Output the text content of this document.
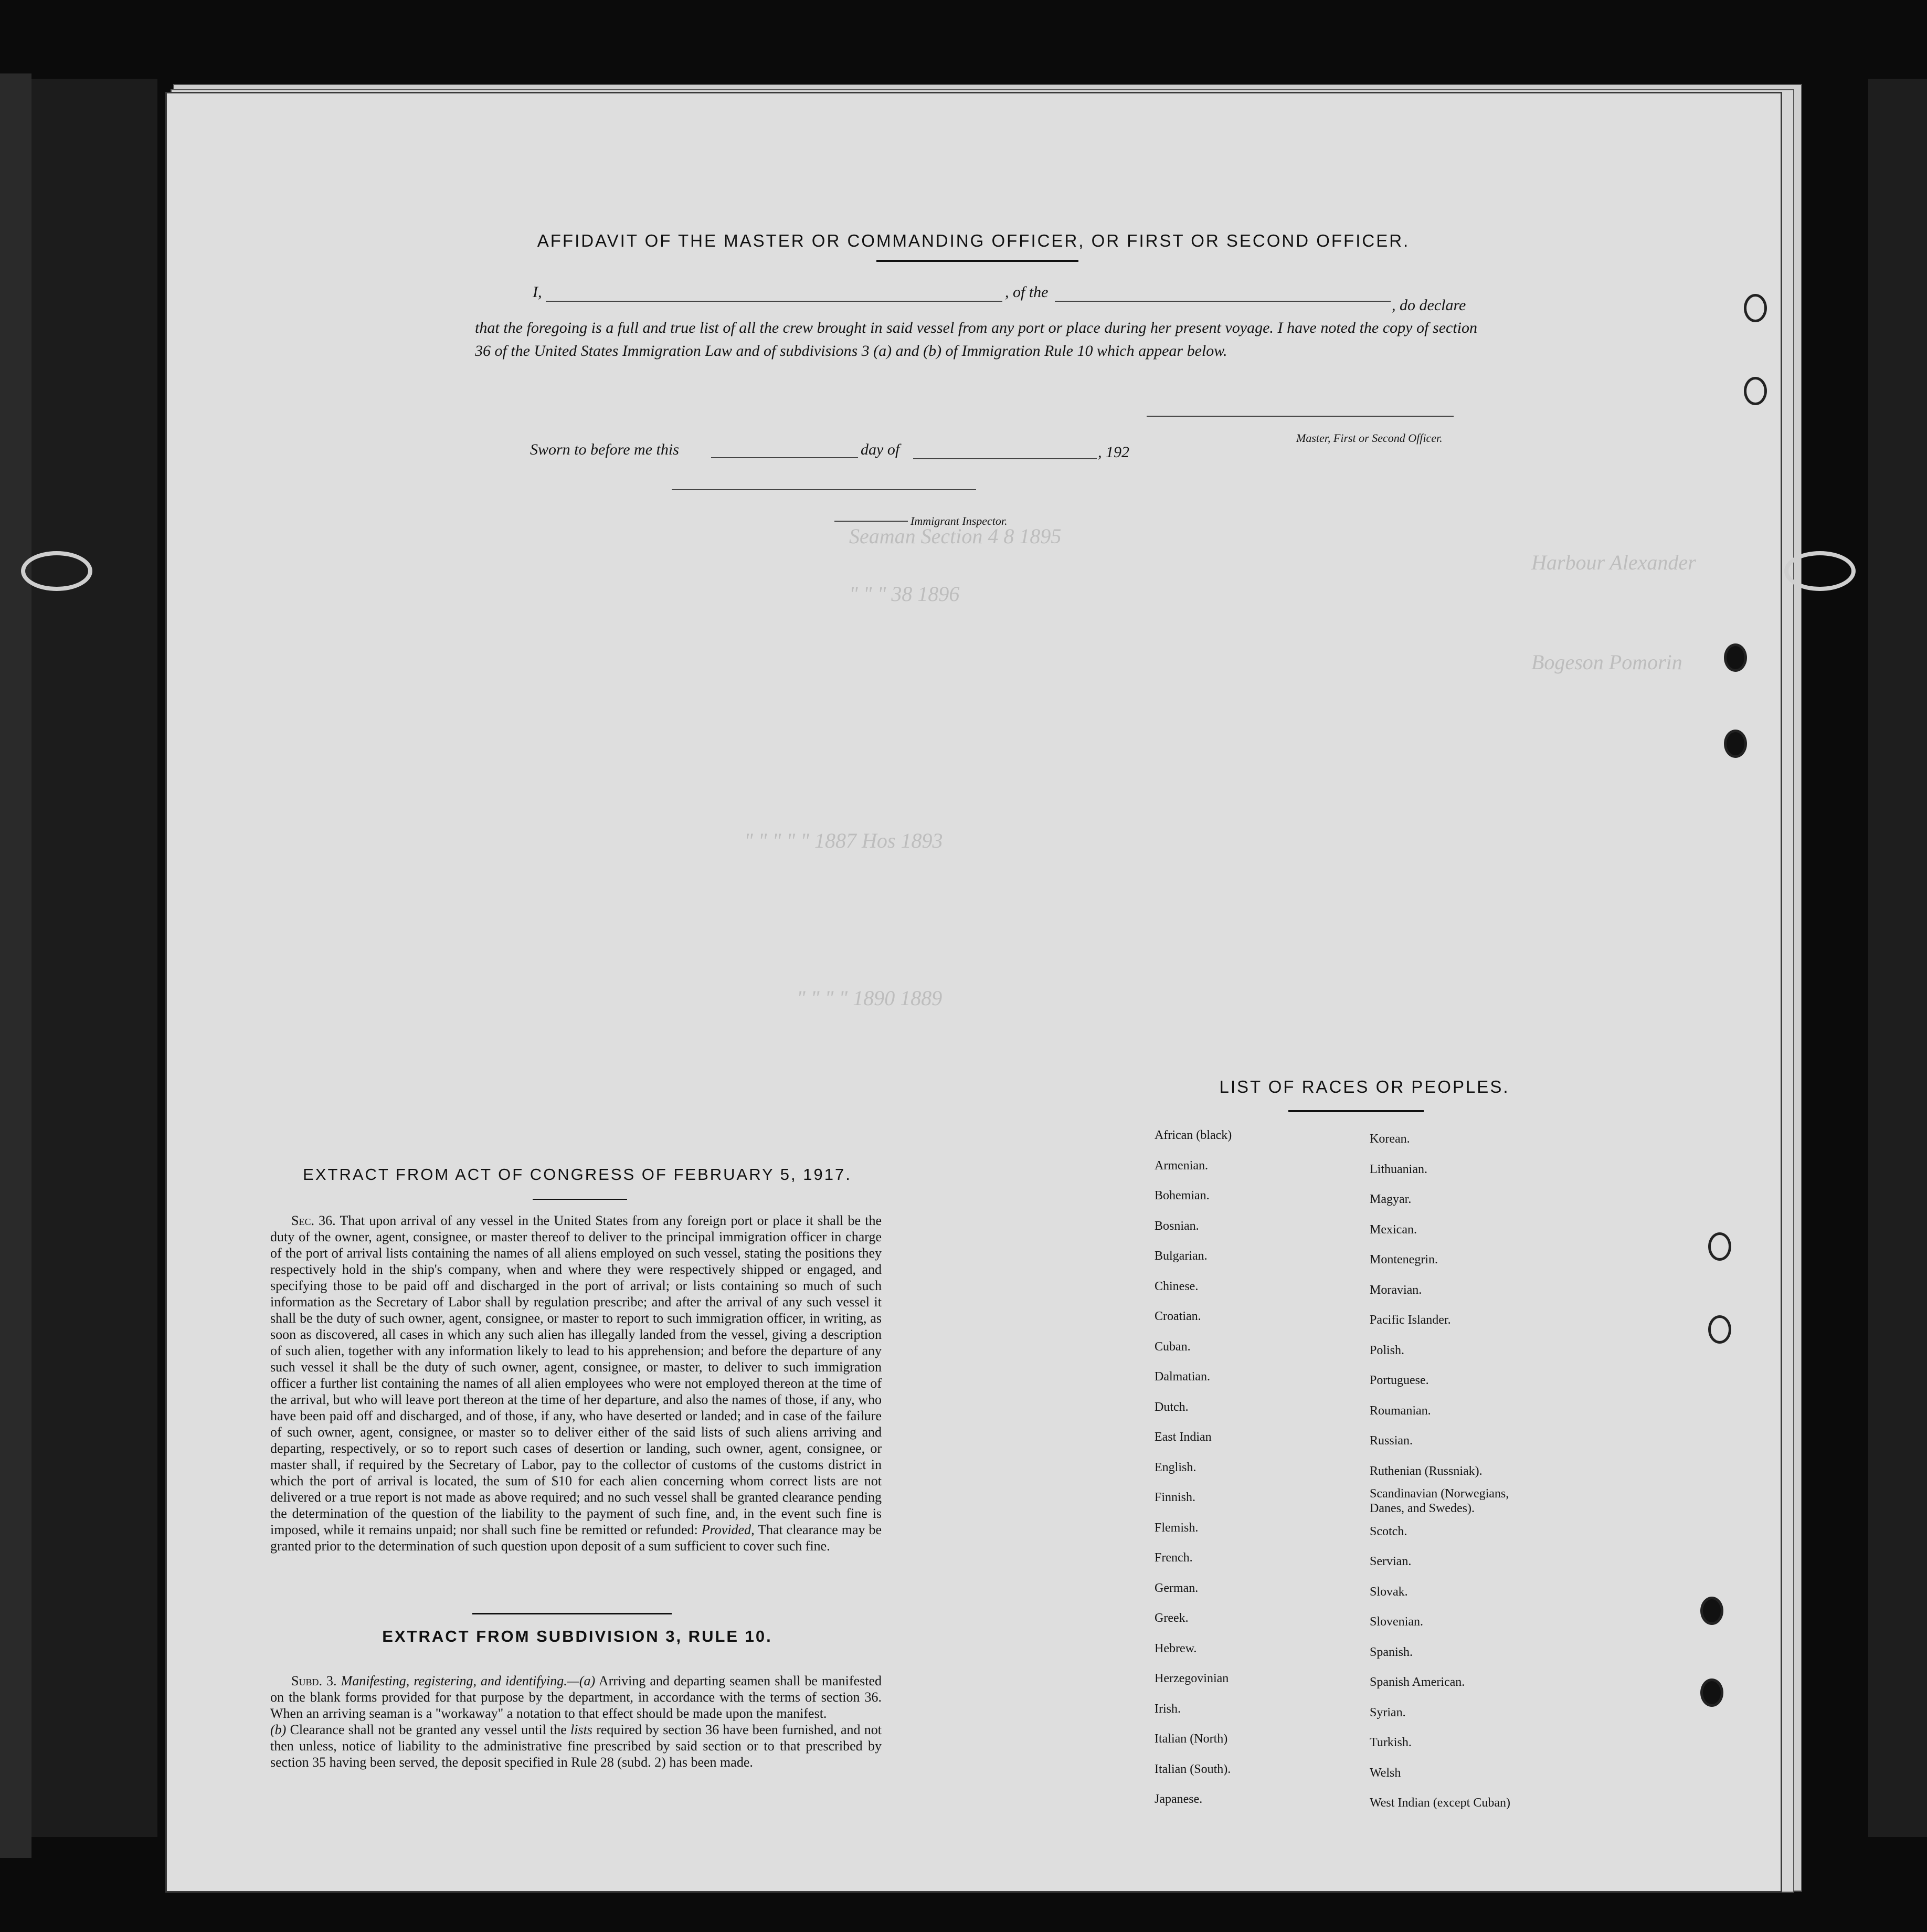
Seaman Section 4 8 1895
" " " 38 1896
Harbour Alexander
Bogeson Pomorin
" " " " " 1887 Hos 1893
" " " " 1890 1889
AFFIDAVIT OF THE MASTER OR COMMANDING OFFICER, OR FIRST OR SECOND OFFICER.
I,	, of the
, do declare
that the foregoing is a full and true list of all the crew brought in said vessel from any port or place during her present voyage. I have noted the copy of section 36 of the United States Immigration Law and of subdivisions 3 (a) and (b) of Immigration Rule 10 which appear below.
Master, First or Second Officer.
Sworn to before me this	day of	, 192
Immigrant Inspector.
EXTRACT FROM ACT OF CONGRESS OF FEBRUARY 5, 1917.
Sec. 36. That upon arrival of any vessel in the United States from any foreign port or place it shall be the duty of the owner, agent, consignee, or master thereof to deliver to the principal immigration officer in charge of the port of arrival lists containing the names of all aliens employed on such vessel, stating the positions they respectively hold in the ship's company, when and where they were respectively shipped or engaged, and specifying those to be paid off and discharged in the port of arrival; or lists containing so much of such information as the Secretary of Labor shall by regulation prescribe; and after the arrival of any such vessel it shall be the duty of such owner, agent, consignee, or master to report to such immigration officer, in writing, as soon as discovered, all cases in which any such alien has illegally landed from the vessel, giving a description of such alien, together with any information likely to lead to his apprehension; and before the departure of any such vessel it shall be the duty of such owner, agent, consignee, or master, to deliver to such immigration officer a further list containing the names of all alien employees who were not employed thereon at the time of the arrival, but who will leave port thereon at the time of her departure, and also the names of those, if any, who have been paid off and discharged, and of those, if any, who have deserted or landed; and in case of the failure of such owner, agent, consignee, or master so to deliver either of the said lists of such aliens arriving and departing, respectively, or so to report such cases of desertion or landing, such owner, agent, consignee, or master shall, if required by the Secretary of Labor, pay to the collector of customs of the customs district in which the port of arrival is located, the sum of $10 for each alien concerning whom correct lists are not delivered or a true report is not made as above required; and no such vessel shall be granted clearance pending the determination of the question of the liability to the payment of such fine, and, in the event such fine is imposed, while it remains unpaid; nor shall such fine be remitted or refunded: Provided, That clearance may be granted prior to the determination of such question upon deposit of a sum sufficient to cover such fine.
EXTRACT FROM SUBDIVISION 3, RULE 10.
Subd. 3. Manifesting, registering, and identifying.—(a) Arriving and departing seamen shall be manifested on the blank forms provided for that purpose by the department, in accordance with the terms of section 36. When an arriving seaman is a "workaway" a notation to that effect should be made upon the manifest.
(b) Clearance shall not be granted any vessel until the lists required by section 36 have been furnished, and not then unless, notice of liability to the administrative fine prescribed by said section or to that prescribed by section 35 having been served, the deposit specified in Rule 28 (subd. 2) has been made.
LIST OF RACES OR PEOPLES.
African (black)
Armenian.
Bohemian.
Bosnian.
Bulgarian.
Chinese.
Croatian.
Cuban.
Dalmatian.
Dutch.
East Indian
English.
Finnish.
Flemish.
French.
German.
Greek.
Hebrew.
Herzegovinian
Irish.
Italian (North)
Italian (South).
Japanese.
Korean.
Lithuanian.
Magyar.
Mexican.
Montenegrin.
Moravian.
Pacific Islander.
Polish.
Portuguese.
Roumanian.
Russian.
Ruthenian (Russniak).
Scandinavian (Norwegians, Danes, and Swedes).
Scotch.
Servian.
Slovak.
Slovenian.
Spanish.
Spanish American.
Syrian.
Turkish.
Welsh
West Indian (except Cuban)
